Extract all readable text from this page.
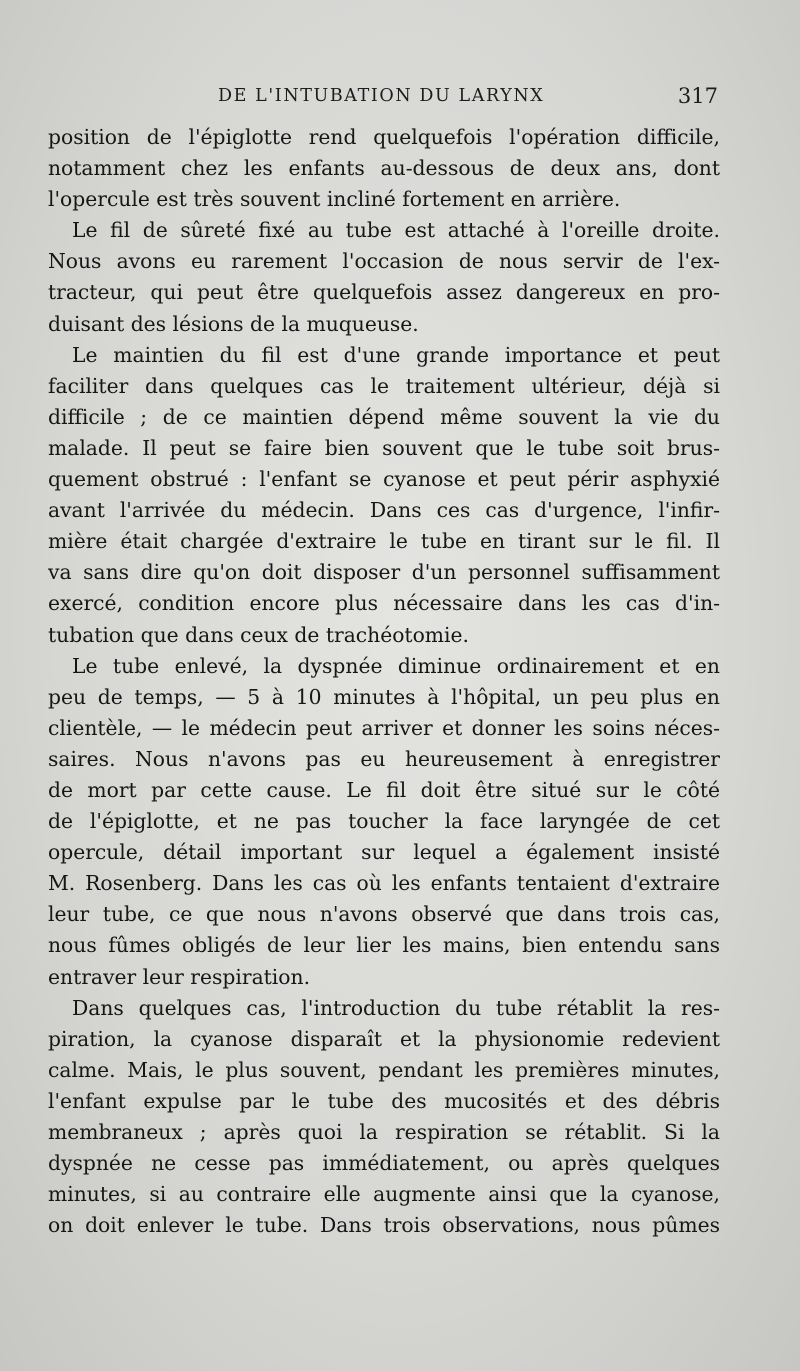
DE L'INTUBATION DU LARYNX	317
position de l'épiglotte rend quelquefois l'opération difficile,
notamment chez les enfants au-dessous de deux ans, dont
l'opercule est très souvent incliné fortement en arrière.
Le fil de sûreté fixé au tube est attaché à l'oreille droite.
Nous avons eu rarement l'occasion de nous servir de l'ex-
tracteur, qui peut être quelquefois assez dangereux en pro-
duisant des lésions de la muqueuse.
Le maintien du fil est d'une grande importance et peut
faciliter dans quelques cas le traitement ultérieur, déjà si
difficile ; de ce maintien dépend même souvent la vie du
malade. Il peut se faire bien souvent que le tube soit brus-
quement obstrué : l'enfant se cyanose et peut périr asphyxié
avant l'arrivée du médecin. Dans ces cas d'urgence, l'infir-
mière était chargée d'extraire le tube en tirant sur le fil. Il
va sans dire qu'on doit disposer d'un personnel suffisamment
exercé, condition encore plus nécessaire dans les cas d'in-
tubation que dans ceux de trachéotomie.
Le tube enlevé, la dyspnée diminue ordinairement et en
peu de temps, — 5 à 10 minutes à l'hôpital, un peu plus en
clientèle, — le médecin peut arriver et donner les soins néces-
saires. Nous n'avons pas eu heureusement à enregistrer
de mort par cette cause. Le fil doit être situé sur le côté
de l'épiglotte, et ne pas toucher la face laryngée de cet
opercule, détail important sur lequel a également insisté
M. Rosenberg. Dans les cas où les enfants tentaient d'extraire
leur tube, ce que nous n'avons observé que dans trois cas,
nous fûmes obligés de leur lier les mains, bien entendu sans
entraver leur respiration.
Dans quelques cas, l'introduction du tube rétablit la res-
piration, la cyanose disparaît et la physionomie redevient
calme. Mais, le plus souvent, pendant les premières minutes,
l'enfant expulse par le tube des mucosités et des débris
membraneux ; après quoi la respiration se rétablit. Si la
dyspnée ne cesse pas immédiatement, ou après quelques
minutes, si au contraire elle augmente ainsi que la cyanose,
on doit enlever le tube. Dans trois observations, nous pûmes
